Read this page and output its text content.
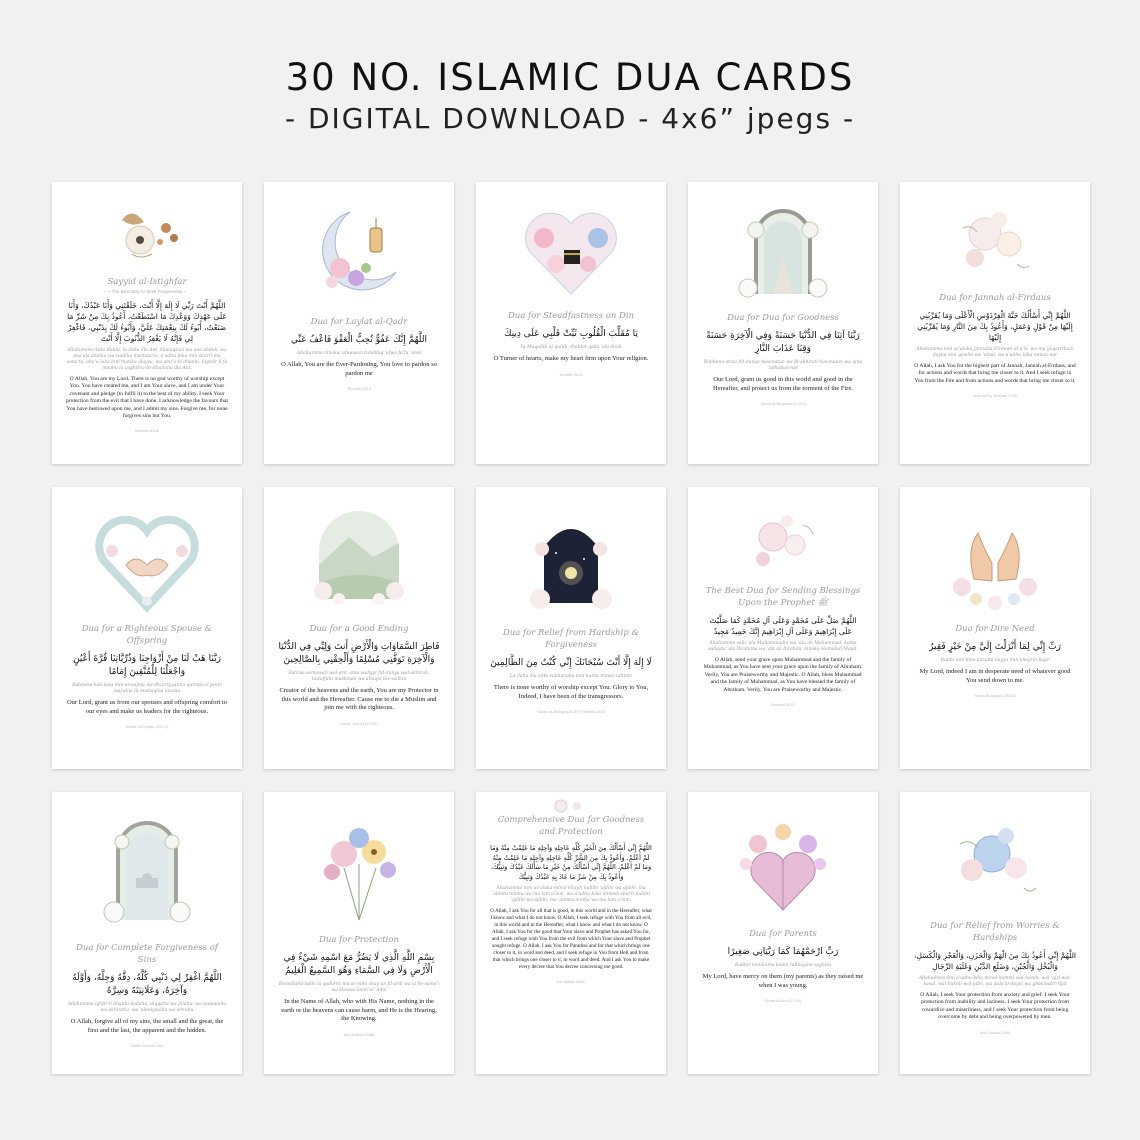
30 NO. ISLAMIC DUA CARDS
- DIGITAL DOWNLOAD - 4x6” jpegs -
Sayyid al-Istighfar
~ The Best Way to Seek Forgiveness ~
اللَّهُمَّ أَنْتَ رَبِّي لَا إِلَهَ إِلَّا أَنْتَ، خَلَقْتَنِي وَأَنَا عَبْدُكَ، وَأَنَا عَلَى عَهْدِكَ وَوَعْدِكَ مَا اسْتَطَعْتُ، أَعُوذُ بِكَ مِنْ شَرِّ مَا صَنَعْتُ، أَبُوءُ لَكَ بِنِعْمَتِكَ عَلَيَّ، وَأَبُوءُ لَكَ بِذَنْبِي، فَاغْفِرْ لِي فَإِنَّهُ لَا يَغْفِرُ الذُّنُوبَ إِلَّا أَنْتَ
Allahumma Anta Rabbi, la ilaha illa Ant, khalaqtani wa ana abduk, wa ana ala ahdika wa wadika mastata'tu, a'udhu bika min sharri ma sana'tu, abu'u laka bini'matika alayya, wa abu'u bi dhanbi, faghfir li fa innahu la yaghfiru dh-dhunuba illa Ant.
O Allah, You are my Lord. There is no god worthy of worship except You. You have created me, and I am Your slave, and I am under Your covenant and pledge (to fulfil it) to the best of my ability. I seek Your protection from the evil that I have done. I acknowledge the favours that You have bestowed upon me, and I admit my sins. Forgive me, for none forgives sins but You.
Bukhari 6306
Dua for Laylat al-Qadr
اللَّهُمَّ إِنَّكَ عَفُوٌّ تُحِبُّ الْعَفْوَ فَاعْفُ عَنِّي
Allahumma innaka 'afuwwun tuhibbul 'afwa fa'fu 'anni
O Allah, You are the Ever-Pardoning, You love to pardon so pardon me
Tirmidhi 3513
Dua for Steadfastness on Din
يَا مُقَلِّبَ الْقُلُوبِ ثَبِّتْ قَلْبِي عَلَى دِينِكَ
Ya Muqallib al-qulub, thabbit qalbi 'ala dinik
O Turner of hearts, make my heart firm upon Your religion.
Tirmidhi 3522
Dua for Dua for Goodness
رَبَّنَا آتِنَا فِي الدُّنْيَا حَسَنَةً وَفِي الْآخِرَةِ حَسَنَةً وَقِنَا عَذَابَ النَّارِ
Rabbana atina fid-dunya hasanatan wa fil-akhirati hasanatan wa qina 'adhaban-nar
Our Lord, grant us good in this world and good in the Hereafter, and protect us from the torment of the Fire.
Surah Al-Baqarah (2:201)
Dua for Jannah al-Firdaus
اللَّهُمَّ إِنِّي أَسْأَلُكَ جَنَّةَ الْفِرْدَوْسِ الْأَعْلَى وَمَا يُقَرِّبُنِي إِلَيْهَا مِنْ قَوْلٍ وَعَمَلٍ، وَأَعُوذُ بِكَ مِنَ النَّارِ وَمَا يُقَرِّبُنِي إِلَيْهَا
Allahumma inni as'aluka Jannatal-Firdaws al-a'la, wa ma yuqarribuni ilayha min qawlin aw 'amal, wa a'udhu bika minan-nar
O Allah, I ask You for the highest part of Jannah, Jannah al-Firdaus, and for actions and words that bring me closer to it. And I seek refuge in You from the Fire and from actions and words that bring me closer to it.
Inspired by Bukhari 2790
Dua for a Righteous Spouse & Offspring
رَبَّنَا هَبْ لَنَا مِنْ أَزْوَاجِنَا وَذُرِّيَّاتِنَا قُرَّةَ أَعْيُنٍ وَاجْعَلْنَا لِلْمُتَّقِينَ إِمَامًا
Rabbana hab lana min azwajina wa dhurriyyatina qurrata a'yunin waj'alna lil-muttaqina imama
Our Lord, grant us from our spouses and offspring comfort to our eyes and make us leaders for the righteous.
Surah Al-Furqan (25:74)
Dua for a Good Ending
فَاطِرَ السَّمَاوَاتِ وَالْأَرْضِ أَنتَ وَلِيِّي فِي الدُّنْيَا وَالْآخِرَةِ تَوَفَّنِي مُسْلِمًا وَأَلْحِقْنِي بِالصَّالِحِينَ
Fatiras-samawati wal-ard, anta waliyyi fid-dunya wal-akhirah, tawaffani musliman wa alhiqni bis-salihin
Creator of the heavens and the earth, You are my Protector in this world and the Hereafter. Cause me to die a Muslim and join me with the righteous.
Surah Yusuf (12:101)
Dua for Relief from Hardship & Forgiveness
لَا إِلَهَ إِلَّا أَنْتَ سُبْحَانَكَ إِنِّي كُنْتُ مِنَ الظَّالِمِينَ
La ilaha illa anta subhanaka inni kuntu minaz-zalimin
There is none worthy of worship except You. Glory to You, Indeed, I have been of the transgressors.
Surah Al-Anbiya (21:87) Tirmidhi 3505
The Best Dua for Sending Blessings Upon the Prophet ﷺ
اللَّهُمَّ صَلِّ عَلَى مُحَمَّدٍ وَعَلَى آلِ مُحَمَّدٍ كَمَا صَلَّيْتَ عَلَى إِبْرَاهِيمَ وَعَلَى آلِ إِبْرَاهِيمَ إِنَّكَ حَمِيدٌ مَجِيدٌ
Allahumma salli 'ala Muhammadin wa 'ala ali Muhammad, kama sallayta 'ala Ibrahima wa 'ala ali Ibrahim, innaka Hamidun Majid.
O Allah, send your grace upon Muhammad and the family of Muhammad, as You have sent your grace upon the family of Abraham. Verily, You are Praiseworthy and Majestic. O Allah, bless Muhammad and the family of Muhammad, as You have blessed the family of Abraham. Verily, You are Praiseworthy and Majestic.
Bukhari 3370
Dua for Dire Need
رَبِّ إِنِّي لِمَا أَنْزَلْتَ إِلَيَّ مِنْ خَيْرٍ فَقِيرٌ
Rabbi inni lima anzalta ilayya min khayrin faqir
My Lord, indeed I am in desperate need of whatever good You send down to me.
Surah Al-Qasas (28:24)
Dua for Complete Forgiveness of Sins
اللَّهُمَّ اغْفِرْ لِي ذَنْبِي كُلَّهُ، دِقَّهُ وَجِلَّهُ، وَأَوَّلَهُ وَآخِرَهُ، وَعَلَانِيَتَهُ وَسِرَّهُ
Allahumma ighfir li dhanbi kullahu, diqqahu wa jillahu, wa awwalahu wa akhirahu, wa 'alaniyatahu wa sirrahu
O Allah, forgive all of my sins, the small and the great, the first and the last, the apparent and the hidden.
Sahih Muslim 483
Dua for Protection
بِسْمِ اللَّهِ الَّذِي لَا يَضُرُّ مَعَ اسْمِهِ شَيْءٌ فِي الْأَرْضِ وَلَا فِي السَّمَاءِ وَهُوَ السَّمِيعُ الْعَلِيمُ
Bismillahil-ladhi la yadurru ma'as-mihi shay'un fil-ardi wa la fis-sama'i wa Huwas-Sami'ul-'Alim
In the Name of Allah, who with His Name, nothing in the earth or the heavens can cause harm, and He is the Hearing, the Knowing.
Abu Dawud 5088
Comprehensive Dua for Goodness and Protection
اللَّهُمَّ إِنِّي أَسْأَلُكَ مِنَ الْخَيْرِ كُلِّهِ عَاجِلِهِ وَآجِلِهِ مَا عَلِمْتُ مِنْهُ وَمَا لَمْ أَعْلَمْ، وَأَعُوذُ بِكَ مِنَ الشَّرِّ كُلِّهِ عَاجِلِهِ وَآجِلِهِ مَا عَلِمْتُ مِنْهُ وَمَا لَمْ أَعْلَمْ، اللَّهُمَّ إِنِّي أَسْأَلُكَ مِنْ خَيْرِ مَا سَأَلَكَ عَبْدُكَ وَنَبِيُّكَ، وَأَعُوذُ بِكَ مِنْ شَرِّ مَا عَاذَ بِهِ عَبْدُكَ وَنَبِيُّكَ
Allahumma inni as'aluka minal-khayri kullihi 'ajilihi wa ajilihi, ma 'alimtu minhu wa ma lam a'lam, wa a'udhu bika minash-sharri kullihi 'ajilihi wa ajilihi, ma 'alimtu minhu wa ma lam a'lam.
O Allah, I ask You for all that is good, in this world and in the Hereafter, what I know and what I do not know. O Allah, I seek refuge with You from all evil, in this world and in the Hereafter, what I know and what I do not know. O Allah, I ask You for the good that Your slave and Prophet has asked You for, and I seek refuge with You from the evil from which Your slave and Prophet sought refuge. O Allah, I ask You for Paradise and for that which brings one closer to it, in word and deed, and I seek refuge in You from Hell and from that which brings one closer to it, in word and deed. And I ask You to make every decree that You decree concerning me good.
Ibn Majah 3846
Dua for Parents
رَبِّ ارْحَمْهُمَا كَمَا رَبَّيَانِي صَغِيرًا
Rabbir hamhuma kama rabbayani saghira
My Lord, have mercy on them (my parents) as they raised me when I was young.
Surah Al-Isra (17:24)
Dua for Relief from Worries & Hardships
اللَّهُمَّ إِنِّي أَعُوذُ بِكَ مِنَ الْهَمِّ وَالْحَزَنِ، وَالْعَجْزِ وَالْكَسَلِ، وَالْبُخْلِ وَالْجُبْنِ، وَضَلَعِ الدَّيْنِ وَغَلَبَةِ الرِّجَالِ
Allahumma inni a'udhu bika minal-hammi wal-hazan, wal-'ajzi wal-kasal, wal-bukhli wal-jubn, wa dala'id-dayni wa ghalabatir-rijal
O Allah, I seek Your protection from anxiety and grief. I seek Your protection from inability and laziness. I seek Your protection from cowardice and miserliness, and I seek Your protection from being overcome by debt and being overpowered by men.
Abu Dawud 1555
